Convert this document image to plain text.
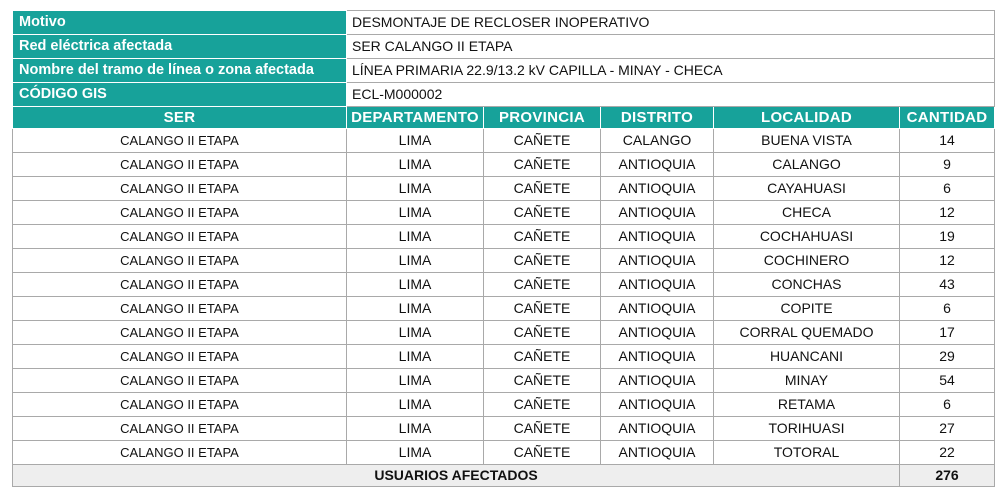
Motivo	DESMONTAJE DE RECLOSER INOPERATIVO				
Red eléctrica afectada	SER CALANGO II ETAPA				
Nombre del tramo de línea o zona afectada	LÍNEA PRIMARIA 22.9/13.2 kV CAPILLA - MINAY - CHECA				
CÓDIGO GIS	ECL-M000002				
SER	DEPARTAMENTO	PROVINCIA	DISTRITO	LOCALIDAD	CANTIDAD
CALANGO II ETAPA	LIMA	CAÑETE	CALANGO	BUENA VISTA	14
CALANGO II ETAPA	LIMA	CAÑETE	ANTIOQUIA	CALANGO	9
CALANGO II ETAPA	LIMA	CAÑETE	ANTIOQUIA	CAYAHUASI	6
CALANGO II ETAPA	LIMA	CAÑETE	ANTIOQUIA	CHECA	12
CALANGO II ETAPA	LIMA	CAÑETE	ANTIOQUIA	COCHAHUASI	19
CALANGO II ETAPA	LIMA	CAÑETE	ANTIOQUIA	COCHINERO	12
CALANGO II ETAPA	LIMA	CAÑETE	ANTIOQUIA	CONCHAS	43
CALANGO II ETAPA	LIMA	CAÑETE	ANTIOQUIA	COPITE	6
CALANGO II ETAPA	LIMA	CAÑETE	ANTIOQUIA	CORRAL QUEMADO	17
CALANGO II ETAPA	LIMA	CAÑETE	ANTIOQUIA	HUANCANI	29
CALANGO II ETAPA	LIMA	CAÑETE	ANTIOQUIA	MINAY	54
CALANGO II ETAPA	LIMA	CAÑETE	ANTIOQUIA	RETAMA	6
CALANGO II ETAPA	LIMA	CAÑETE	ANTIOQUIA	TORIHUASI	27
CALANGO II ETAPA	LIMA	CAÑETE	ANTIOQUIA	TOTORAL	22
USUARIOS AFECTADOS					276
